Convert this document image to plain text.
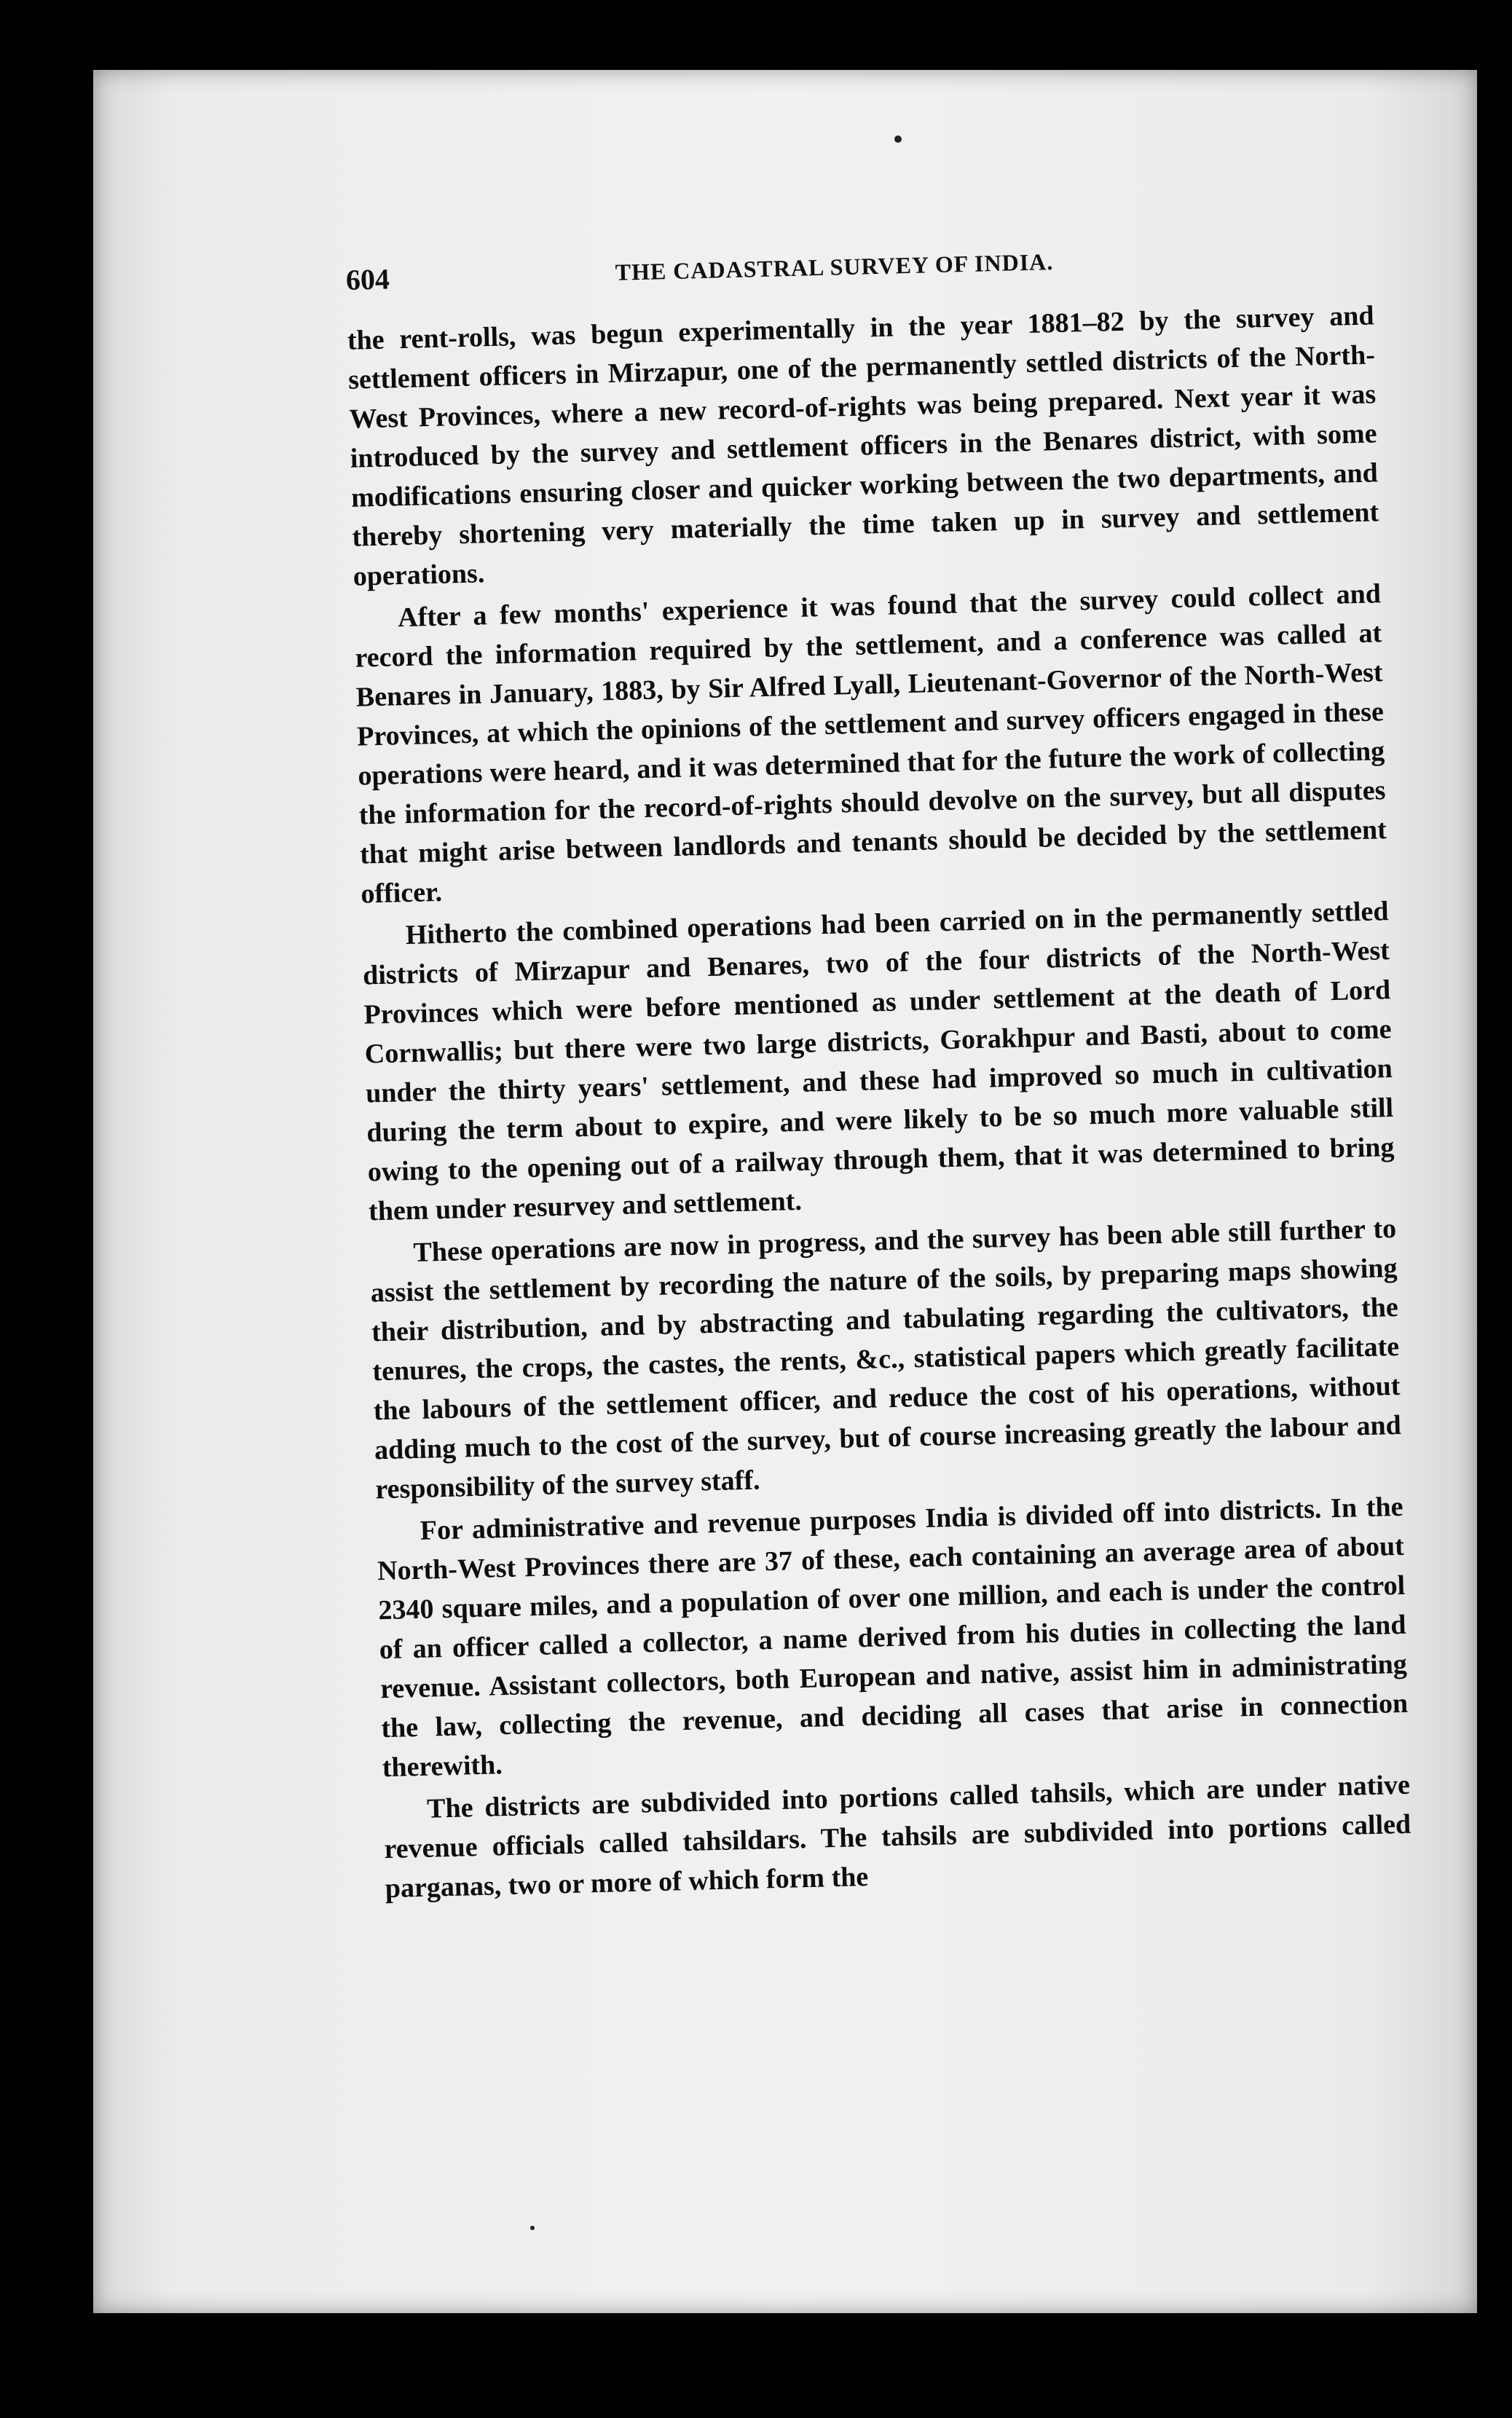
604	THE CADASTRAL SURVEY OF INDIA.

the rent-rolls, was begun experimentally in the year 1881–82 by the survey and settlement officers in Mirzapur, one of the permanently settled districts of the North-West Provinces, where a new record-of-rights was being prepared. Next year it was introduced by the survey and settlement officers in the Benares district, with some modifications ensuring closer and quicker working between the two departments, and thereby shortening very materially the time taken up in survey and settlement operations.

After a few months' experience it was found that the survey could collect and record the information required by the settlement, and a conference was called at Benares in January, 1883, by Sir Alfred Lyall, Lieutenant-Governor of the North-West Provinces, at which the opinions of the settlement and survey officers engaged in these operations were heard, and it was determined that for the future the work of collecting the information for the record-of-rights should devolve on the survey, but all disputes that might arise between landlords and tenants should be decided by the settlement officer.

Hitherto the combined operations had been carried on in the permanently settled districts of Mirzapur and Benares, two of the four districts of the North-West Provinces which were before mentioned as under settlement at the death of Lord Cornwallis; but there were two large districts, Gorakhpur and Basti, about to come under the thirty years' settlement, and these had improved so much in cultivation during the term about to expire, and were likely to be so much more valuable still owing to the opening out of a railway through them, that it was determined to bring them under resurvey and settlement.

These operations are now in progress, and the survey has been able still further to assist the settlement by recording the nature of the soils, by preparing maps showing their distribution, and by abstracting and tabulating regarding the cultivators, the tenures, the crops, the castes, the rents, &c., statistical papers which greatly facilitate the labours of the settlement officer, and reduce the cost of his operations, without adding much to the cost of the survey, but of course increasing greatly the labour and responsibility of the survey staff.

For administrative and revenue purposes India is divided off into districts. In the North-West Provinces there are 37 of these, each containing an average area of about 2340 square miles, and a population of over one million, and each is under the control of an officer called a collector, a name derived from his duties in collecting the land revenue. Assistant collectors, both European and native, assist him in administrating the law, collecting the revenue, and deciding all cases that arise in connection therewith.

The districts are subdivided into portions called tahsils, which are under native revenue officials called tahsildars. The tahsils are subdivided into portions called parganas, two or more of which form the
